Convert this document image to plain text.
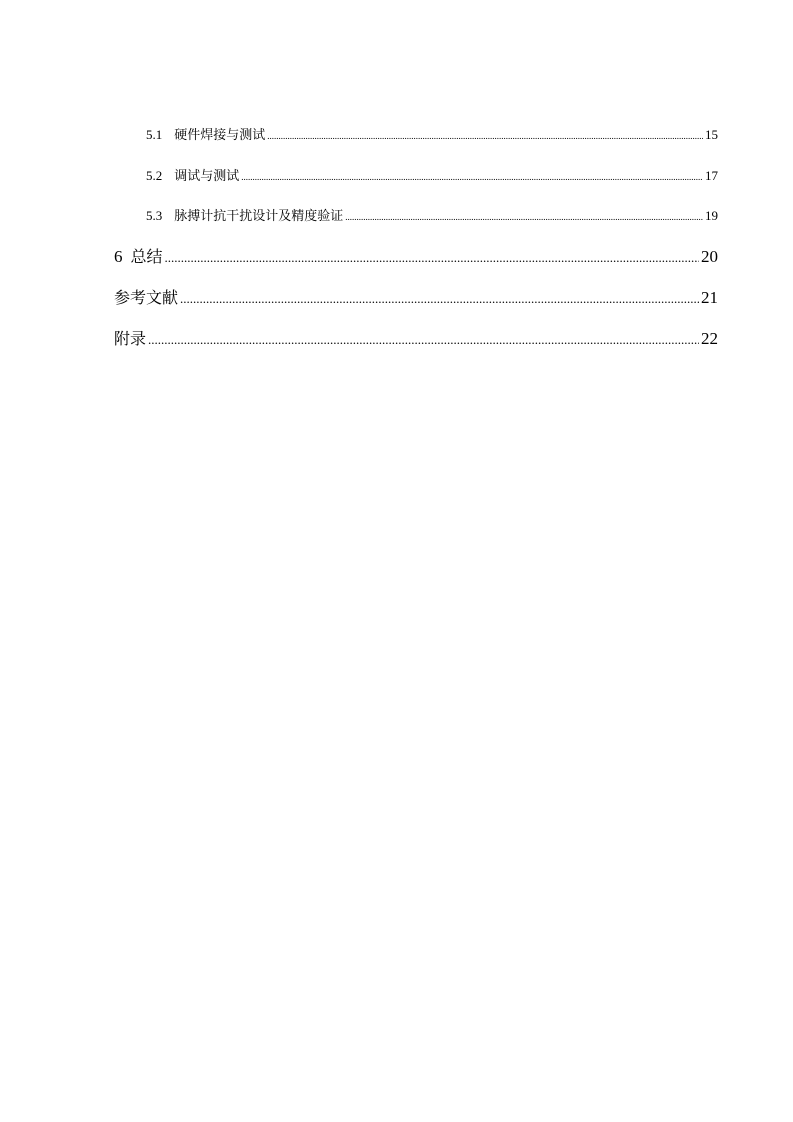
5.1 硬件焊接与测试 .....	15
5.2 调试与测试 .....	17
5.3 脉搏计抗干扰设计及精度验证 .....	19
6 总结 .....	20
参考文献 .....	21
附录 .....	22
